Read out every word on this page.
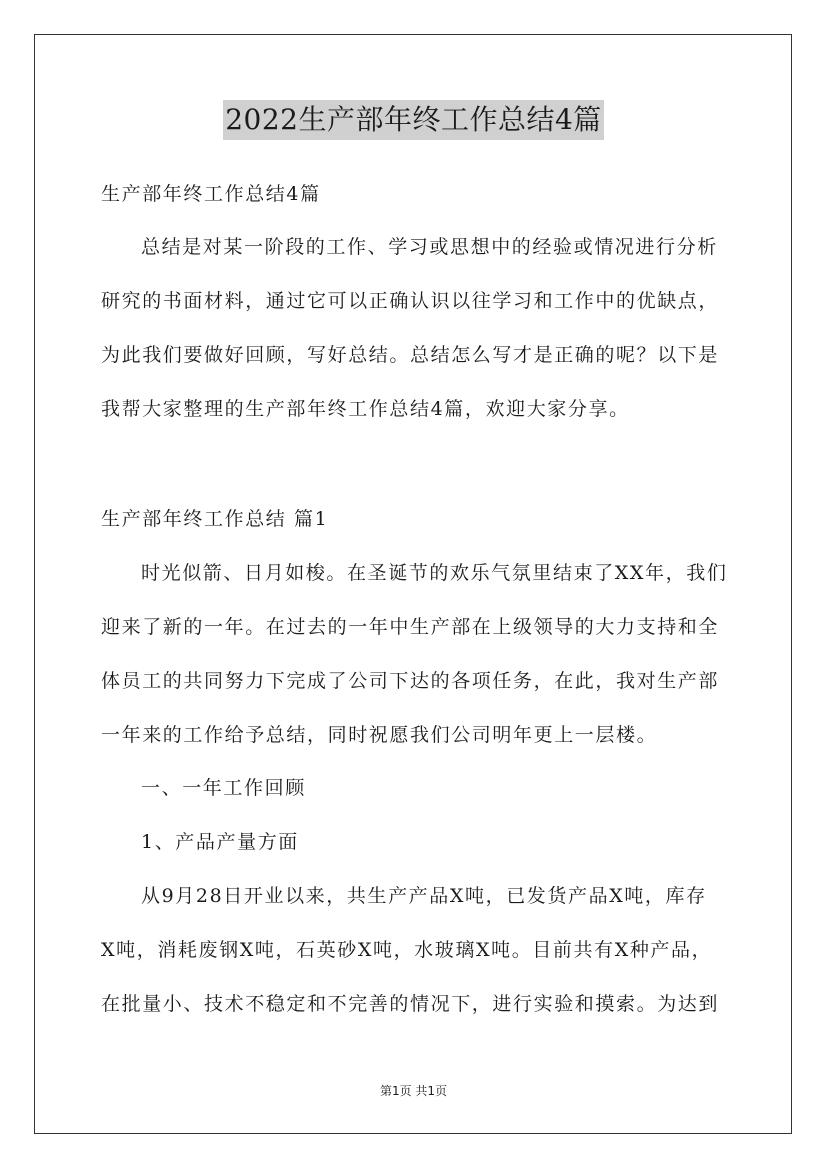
2022生产部年终工作总结4篇
生产部年终工作总结4篇
总结是对某一阶段的工作、学习或思想中的经验或情况进行分析
研究的书面材料，通过它可以正确认识以往学习和工作中的优缺点，
为此我们要做好回顾，写好总结。总结怎么写才是正确的呢？以下是
我帮大家整理的生产部年终工作总结4篇，欢迎大家分享。
生产部年终工作总结 篇1
时光似箭、日月如梭。在圣诞节的欢乐气氛里结束了XX年，我们
迎来了新的一年。在过去的一年中生产部在上级领导的大力支持和全
体员工的共同努力下完成了公司下达的各项任务，在此，我对生产部
一年来的工作给予总结，同时祝愿我们公司明年更上一层楼。
一、一年工作回顾
1、产品产量方面
从9月28日开业以来，共生产产品X吨，已发货产品X吨，库存
X吨，消耗废钢X吨，石英砂X吨，水玻璃X吨。目前共有X种产品，
在批量小、技术不稳定和不完善的情况下，进行实验和摸索。为达到
第1页 共1页
